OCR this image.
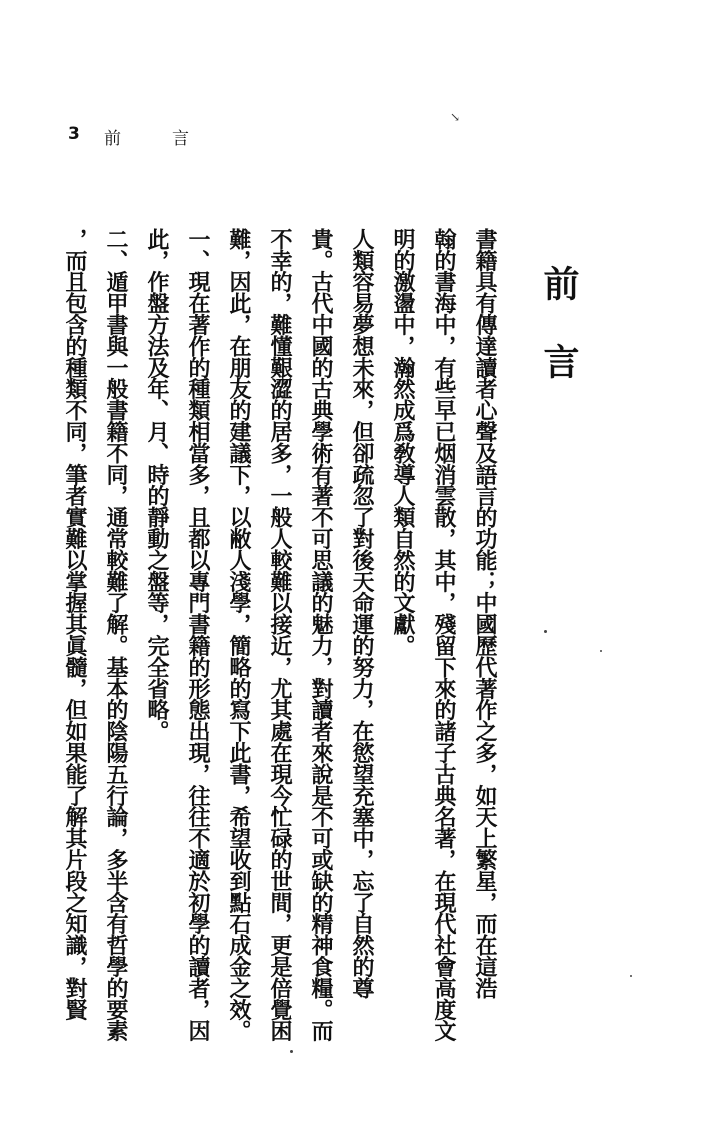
3 前	言
↘
前言
書籍具有傳達讀者心聲及語言的功能；中國歷代著作之多，如天上繁星，而在這浩
翰的書海中，有些早已烟消雲散，其中，殘留下來的諸子古典名著，在現代社會高度文
明的激盪中，瀚然成爲敎導人類自然的文獻。
人類容易夢想未來，但卻疏忽了對後天命運的努力，在慾望充塞中，忘了自然的尊
貴。古代中國的古典學術有著不可思議的魅力，對讀者來說是不可或缺的精神食糧。而
不幸的，難懂艱澀的居多，一般人較難以接近，尤其處在現今忙碌的世間，更是倍覺困
難，因此，在朋友的建議下，以敝人淺學，簡略的寫下此書，希望收到點石成金之效。
一、現在著作的種類相當多，且都以專門書籍的形態出現，往往不適於初學的讀者，因
此，作盤方法及年、月、時的靜動之盤等，完全省略。
二、遁甲書與一般書籍不同，通常較難了解。基本的陰陽五行論，多半含有哲學的要素
，而且包含的種類不同，筆者實難以掌握其眞髓，但如果能了解其片段之知識，對賢
